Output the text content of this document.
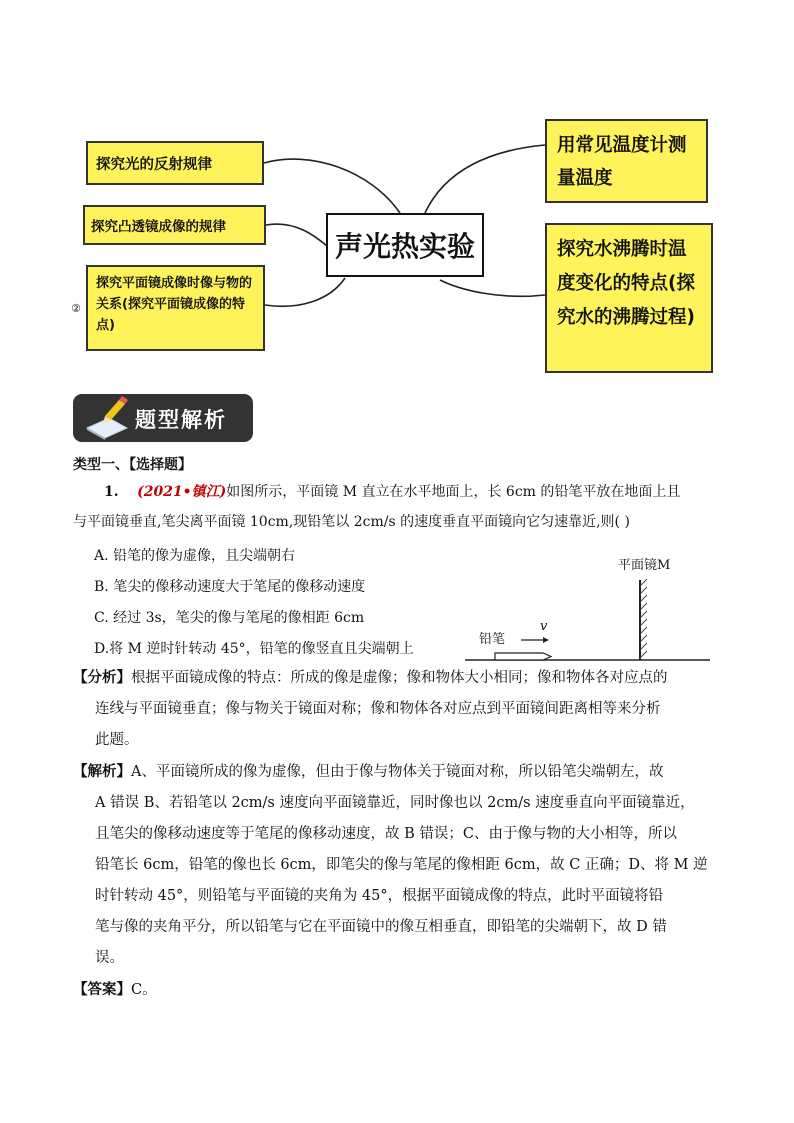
探究光的反射规律
探究凸透镜成像的规律
探究平面镜成像时像与物的关系(探究平面镜成像的特点)
②
声光热实验
用常见温度计测量温度
探究水沸腾时温度变化的特点(探究水的沸腾过程)
题型解析
类型一、【选择题】
1. (2021•镇江)如图所示，平面镜 M 直立在水平地面上，长 6cm 的铅笔平放在地面上且
与平面镜垂直,笔尖离平面镜 10cm,现铅笔以 2cm/s 的速度垂直平面镜向它匀速靠近,则( )
A. 铅笔的像为虚像，且尖端朝右
B. 笔尖的像移动速度大于笔尾的像移动速度
C. 经过 3s，笔尖的像与笔尾的像相距 6cm
D.将 M 逆时针转动 45°，铅笔的像竖直且尖端朝上
平面镜M
铅笔
v
【分析】根据平面镜成像的特点：所成的像是虚像；像和物体大小相同；像和物体各对应点的
连线与平面镜垂直；像与物关于镜面对称；像和物体各对应点到平面镜间距离相等来分析
此题。
【解析】A、平面镜所成的像为虚像，但由于像与物体关于镜面对称，所以铅笔尖端朝左，故
A 错误 B、若铅笔以 2cm/s 速度向平面镜靠近，同时像也以 2cm/s 速度垂直向平面镜靠近，
且笔尖的像移动速度等于笔尾的像移动速度，故 B 错误；C、由于像与物的大小相等，所以
铅笔长 6cm，铅笔的像也长 6cm，即笔尖的像与笔尾的像相距 6cm，故 C 正确；D、将 M 逆
时针转动 45°，则铅笔与平面镜的夹角为 45°，根据平面镜成像的特点，此时平面镜将铅
笔与像的夹角平分，所以铅笔与它在平面镜中的像互相垂直，即铅笔的尖端朝下，故 D 错
误。
【答案】C。
